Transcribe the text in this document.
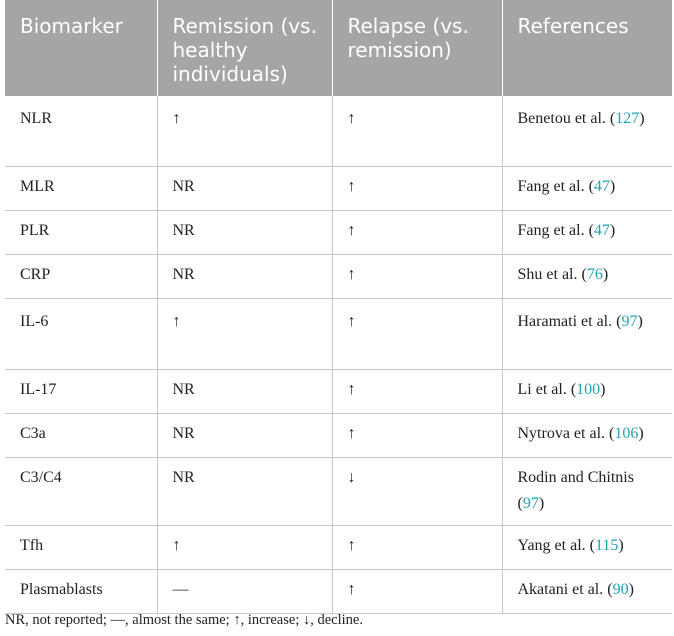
Biomarker	Remission (vs. healthy individuals)	Relapse (vs. remission)	References
NLR	↑	↑	Benetou et al. (127)
MLR	NR	↑	Fang et al. (47)
PLR	NR	↑	Fang et al. (47)
CRP	NR	↑	Shu et al. (76)
IL-6	↑	↑	Haramati et al. (97)
IL-17	NR	↑	Li et al. (100)
C3a	NR	↑	Nytrova et al. (106)
C3/C4	NR	↓	Rodin and Chitnis (97)
Tfh	↑	↑	Yang et al. (115)
Plasmablasts	—	↑	Akatani et al. (90)
NR, not reported; —, almost the same; ↑, increase; ↓, decline.
